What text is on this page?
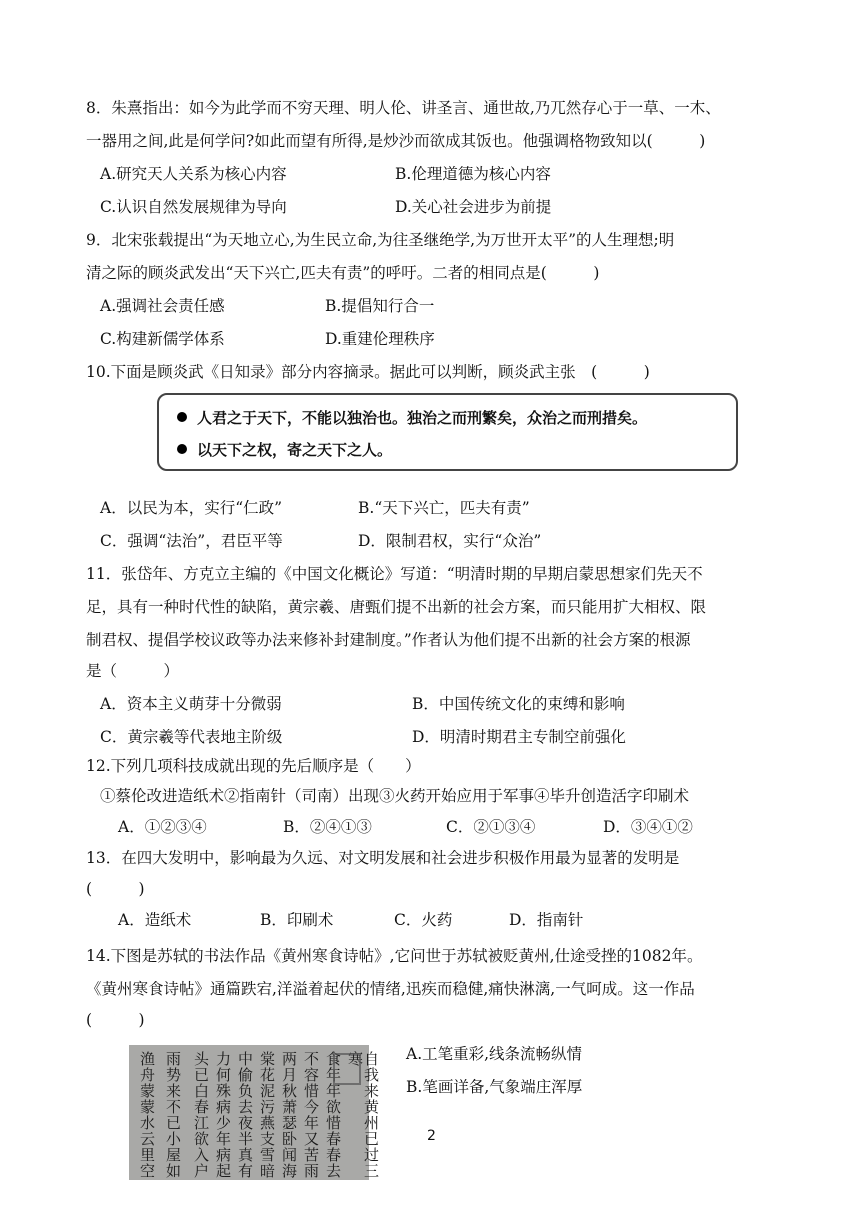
8．朱熹指出：如今为此学而不穷天理、明人伦、讲圣言、通世故,乃兀然存心于一草、一木、
一器用之间,此是何学问?如此而望有所得,是炒沙而欲成其饭也。他强调格物致知以(　　　)
A.研究天人关系为核心内容	B.伦理道德为核心内容
C.认识自然发展规律为导向	D.关心社会进步为前提
9．北宋张载提出“为天地立心,为生民立命,为往圣继绝学,为万世开太平”的人生理想;明
清之际的顾炎武发出“天下兴亡,匹夫有责”的呼吁。二者的相同点是(　　　)
A.强调社会责任感	B.提倡知行合一
C.构建新儒学体系	D.重建伦理秩序
10.下面是顾炎武《日知录》部分内容摘录。据此可以判断，顾炎武主张　(　　　)
人君之于天下，不能以独治也。独治之而刑繁矣，众治之而刑措矣。
以天下之权，寄之天下之人。
A．以民为本，实行“仁政”	B.“天下兴亡，匹夫有责”
C．强调“法治”，君臣平等	D．限制君权，实行“众治”
11．张岱年、方克立主编的《中国文化概论》写道：“明清时期的早期启蒙思想家们先天不
足，具有一种时代性的缺陷，黄宗羲、唐甄们提不出新的社会方案，而只能用扩大相权、限
制君权、提倡学校议政等办法来修补封建制度。”作者认为他们提不出新的社会方案的根源
是（　　　）
A．资本主义萌芽十分微弱	B．中国传统文化的束缚和影响
C．黄宗羲等代表地主阶级	D．明清时期君主专制空前强化
12.下列几项科技成就出现的先后顺序是（　　）
①蔡伦改进造纸术②指南针（司南）出现③火药开始应用于军事④毕升创造活字印刷术
A．①②③④	B．②④①③	C．②①③④	D．③④①②
13．在四大发明中，影响最为久远、对文明发展和社会进步积极作用最为显著的发明是
(　　　)
A．造纸术	B．印刷术	C．火药	D．指南针
14.下图是苏轼的书法作品《黄州寒食诗帖》,它问世于苏轼被贬黄州,仕途受挫的1082年。
《黄州寒食诗帖》通篇跌宕,洋溢着起伏的情绪,迅疾而稳健,痛快淋漓,一气呵成。这一作品
(　　　)
自我来黄州已过三寒
食年年欲惜春春去
不容惜今年又苦雨
两月秋萧瑟卧闻海
棠花泥污燕支雪暗
中偷负去夜半真有
力何殊病少年病起
头已白春江欲入户
雨势来不已小屋如
渔舟蒙蒙水云里空	A.工笔重彩,线条流畅纵情
B.笔画详备,气象端庄浑厚
2
